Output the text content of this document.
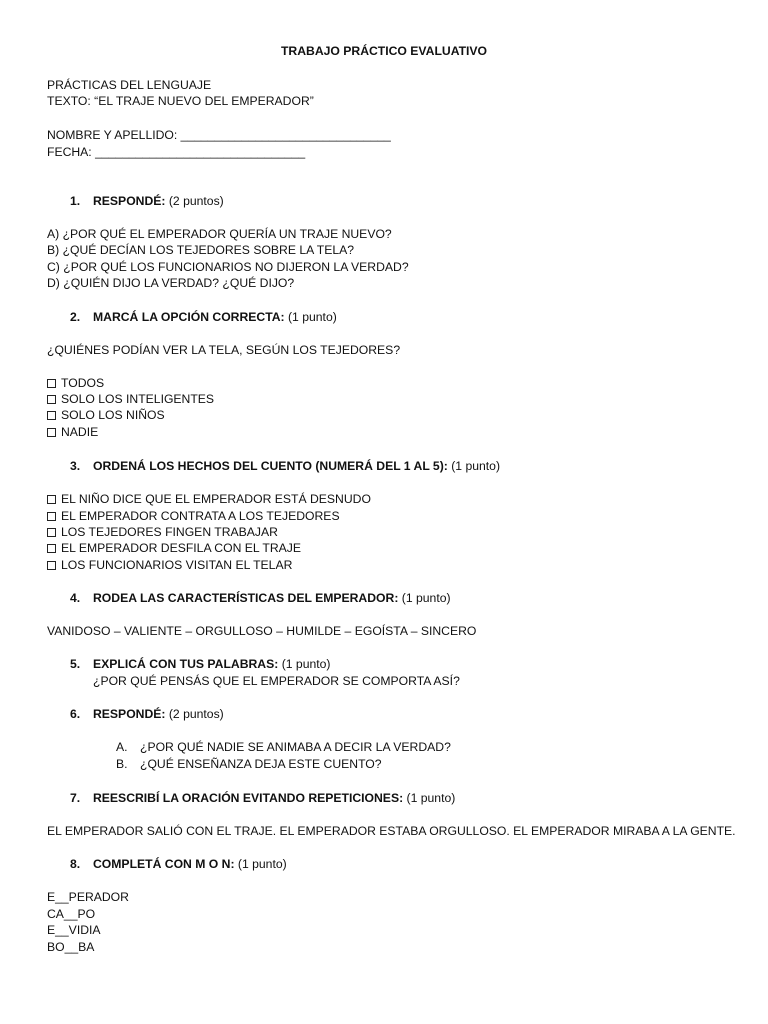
TRABAJO PRÁCTICO EVALUATIVO
PRÁCTICAS DEL LENGUAJE
TEXTO: “EL TRAJE NUEVO DEL EMPERADOR”
NOMBRE Y APELLIDO: _______________________________
FECHA: _______________________________
1. RESPONDÉ: (2 puntos)
A) ¿POR QUÉ EL EMPERADOR QUERÍA UN TRAJE NUEVO?
B) ¿QUÉ DECÍAN LOS TEJEDORES SOBRE LA TELA?
C) ¿POR QUÉ LOS FUNCIONARIOS NO DIJERON LA VERDAD?
D) ¿QUIÉN DIJO LA VERDAD? ¿QUÉ DIJO?
2. MARCÁ LA OPCIÓN CORRECTA: (1 punto)
¿QUIÉNES PODÍAN VER LA TELA, SEGÚN LOS TEJEDORES?
TODOS
SOLO LOS INTELIGENTES
SOLO LOS NIÑOS
NADIE
3. ORDENÁ LOS HECHOS DEL CUENTO (NUMERÁ DEL 1 AL 5): (1 punto)
EL NIÑO DICE QUE EL EMPERADOR ESTÁ DESNUDO
EL EMPERADOR CONTRATA A LOS TEJEDORES
LOS TEJEDORES FINGEN TRABAJAR
EL EMPERADOR DESFILA CON EL TRAJE
LOS FUNCIONARIOS VISITAN EL TELAR
4. RODEA LAS CARACTERÍSTICAS DEL EMPERADOR: (1 punto)
VANIDOSO – VALIENTE – ORGULLOSO – HUMILDE – EGOÍSTA – SINCERO
5. EXPLICÁ CON TUS PALABRAS: (1 punto)
¿POR QUÉ PENSÁS QUE EL EMPERADOR SE COMPORTA ASÍ?
6. RESPONDÉ: (2 puntos)
A. ¿POR QUÉ NADIE SE ANIMABA A DECIR LA VERDAD?
B. ¿QUÉ ENSEÑANZA DEJA ESTE CUENTO?
7. REESCRIBÍ LA ORACIÓN EVITANDO REPETICIONES: (1 punto)
EL EMPERADOR SALIÓ CON EL TRAJE. EL EMPERADOR ESTABA ORGULLOSO. EL EMPERADOR MIRABA A LA GENTE.
8. COMPLETÁ CON M O N: (1 punto)
E__PERADOR
CA__PO
E__VIDIA
BO__BA
